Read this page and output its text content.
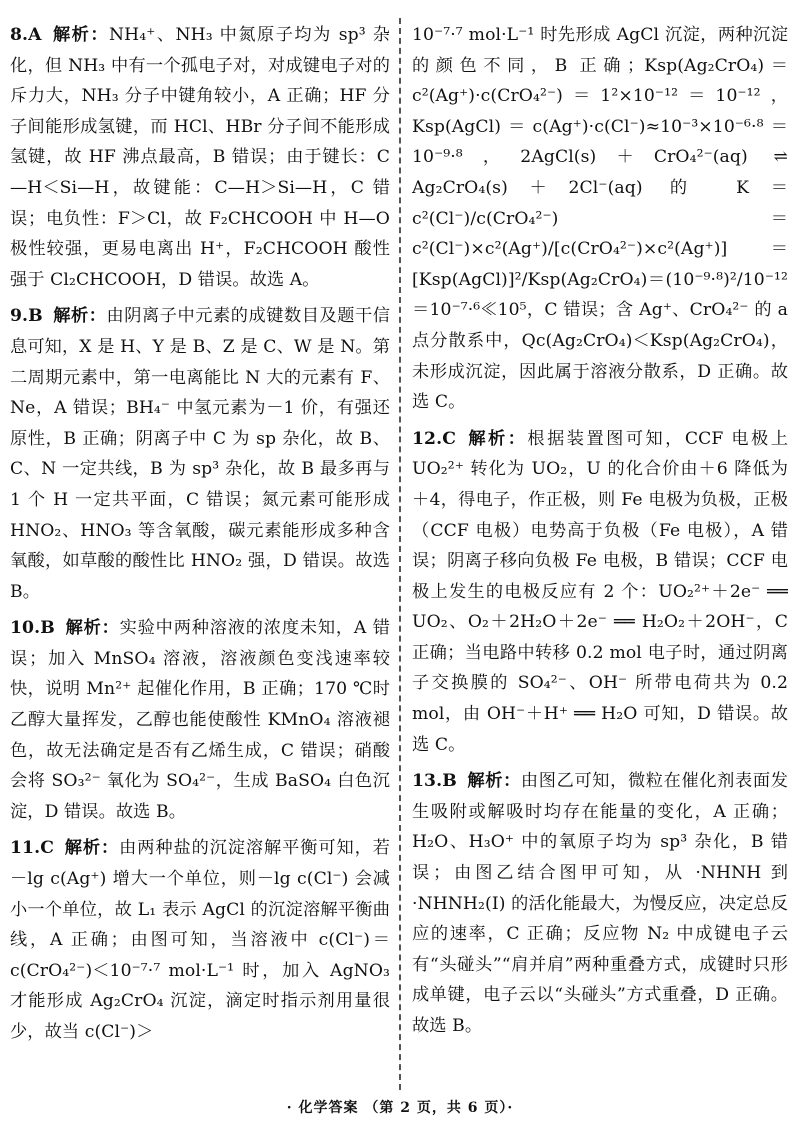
8.A 解析：NH₄⁺、NH₃ 中氮原子均为 sp³ 杂化，但 NH₃ 中有一个孤电子对，对成键电子对的斥力大，NH₃ 分子中键角较小，A 正确；HF 分子间能形成氢键，而 HCl、HBr 分子间不能形成氢键，故 HF 沸点最高，B 错误；由于键长：C—H＜Si—H，故键能：C—H＞Si—H，C 错误；电负性：F＞Cl，故 F₂CHCOOH 中 H—O 极性较强，更易电离出 H⁺，F₂CHCOOH 酸性强于 Cl₂CHCOOH，D 错误。故选 A。
9.B 解析：由阴离子中元素的成键数目及题干信息可知，X 是 H、Y 是 B、Z 是 C、W 是 N。第二周期元素中，第一电离能比 N 大的元素有 F、Ne，A 错误；BH₄⁻ 中氢元素为－1 价，有强还原性，B 正确；阴离子中 C 为 sp 杂化，故 B、C、N 一定共线，B 为 sp³ 杂化，故 B 最多再与 1 个 H 一定共平面，C 错误；氮元素可能形成 HNO₂、HNO₃ 等含氧酸，碳元素能形成多种含氧酸，如草酸的酸性比 HNO₂ 强，D 错误。故选 B。
10.B 解析：实验中两种溶液的浓度未知，A 错误；加入 MnSO₄ 溶液，溶液颜色变浅速率较快，说明 Mn²⁺ 起催化作用，B 正确；170 ℃时乙醇大量挥发，乙醇也能使酸性 KMnO₄ 溶液褪色，故无法确定是否有乙烯生成，C 错误；硝酸会将 SO₃²⁻ 氧化为 SO₄²⁻，生成 BaSO₄ 白色沉淀，D 错误。故选 B。
11.C 解析：由两种盐的沉淀溶解平衡可知，若－lg c(Ag⁺) 增大一个单位，则－lg c(Cl⁻) 会减小一个单位，故 L₁ 表示 AgCl 的沉淀溶解平衡曲线，A 正确；由图可知，当溶液中 c(Cl⁻)＝c(CrO₄²⁻)＜10⁻⁷·⁷ mol·L⁻¹ 时，加入 AgNO₃ 才能形成 Ag₂CrO₄ 沉淀，滴定时指示剂用量很少，故当 c(Cl⁻)＞
10⁻⁷·⁷ mol·L⁻¹ 时先形成 AgCl 沉淀，两种沉淀的颜色不同，B 正确；Ksp(Ag₂CrO₄)＝c²(Ag⁺)·c(CrO₄²⁻)＝1²×10⁻¹²＝10⁻¹²，Ksp(AgCl)＝c(Ag⁺)·c(Cl⁻)≈10⁻³×10⁻⁶·⁸＝10⁻⁹·⁸，2AgCl(s)＋CrO₄²⁻(aq) ⇌ Ag₂CrO₄(s)＋2Cl⁻(aq) 的 K＝c²(Cl⁻)/c(CrO₄²⁻)＝c²(Cl⁻)×c²(Ag⁺)/[c(CrO₄²⁻)×c²(Ag⁺)]＝[Ksp(AgCl)]²/Ksp(Ag₂CrO₄)＝(10⁻⁹·⁸)²/10⁻¹²＝10⁻⁷·⁶≪10⁵，C 错误；含 Ag⁺、CrO₄²⁻ 的 a 点分散系中，Qc(Ag₂CrO₄)＜Ksp(Ag₂CrO₄)，未形成沉淀，因此属于溶液分散系，D 正确。故选 C。
12.C 解析：根据装置图可知，CCF 电极上 UO₂²⁺ 转化为 UO₂，U 的化合价由＋6 降低为＋4，得电子，作正极，则 Fe 电极为负极，正极（CCF 电极）电势高于负极（Fe 电极），A 错误；阴离子移向负极 Fe 电极，B 错误；CCF 电极上发生的电极反应有 2 个：UO₂²⁺＋2e⁻ ══ UO₂、O₂＋2H₂O＋2e⁻ ══ H₂O₂＋2OH⁻，C 正确；当电路中转移 0.2 mol 电子时，通过阴离子交换膜的 SO₄²⁻、OH⁻ 所带电荷共为 0.2 mol，由 OH⁻＋H⁺ ══ H₂O 可知，D 错误。故选 C。
13.B 解析：由图乙可知，微粒在催化剂表面发生吸附或解吸时均存在能量的变化，A 正确；H₂O、H₃O⁺ 中的氧原子均为 sp³ 杂化，B 错误；由图乙结合图甲可知，从 ·NHNH 到 ·NHNH₂(Ⅰ) 的活化能最大，为慢反应，决定总反应的速率，C 正确；反应物 N₂ 中成键电子云有“头碰头”“肩并肩”两种重叠方式，成键时只形成单键，电子云以“头碰头”方式重叠，D 正确。故选 B。
· 化学答案 （第 2 页，共 6 页）·
